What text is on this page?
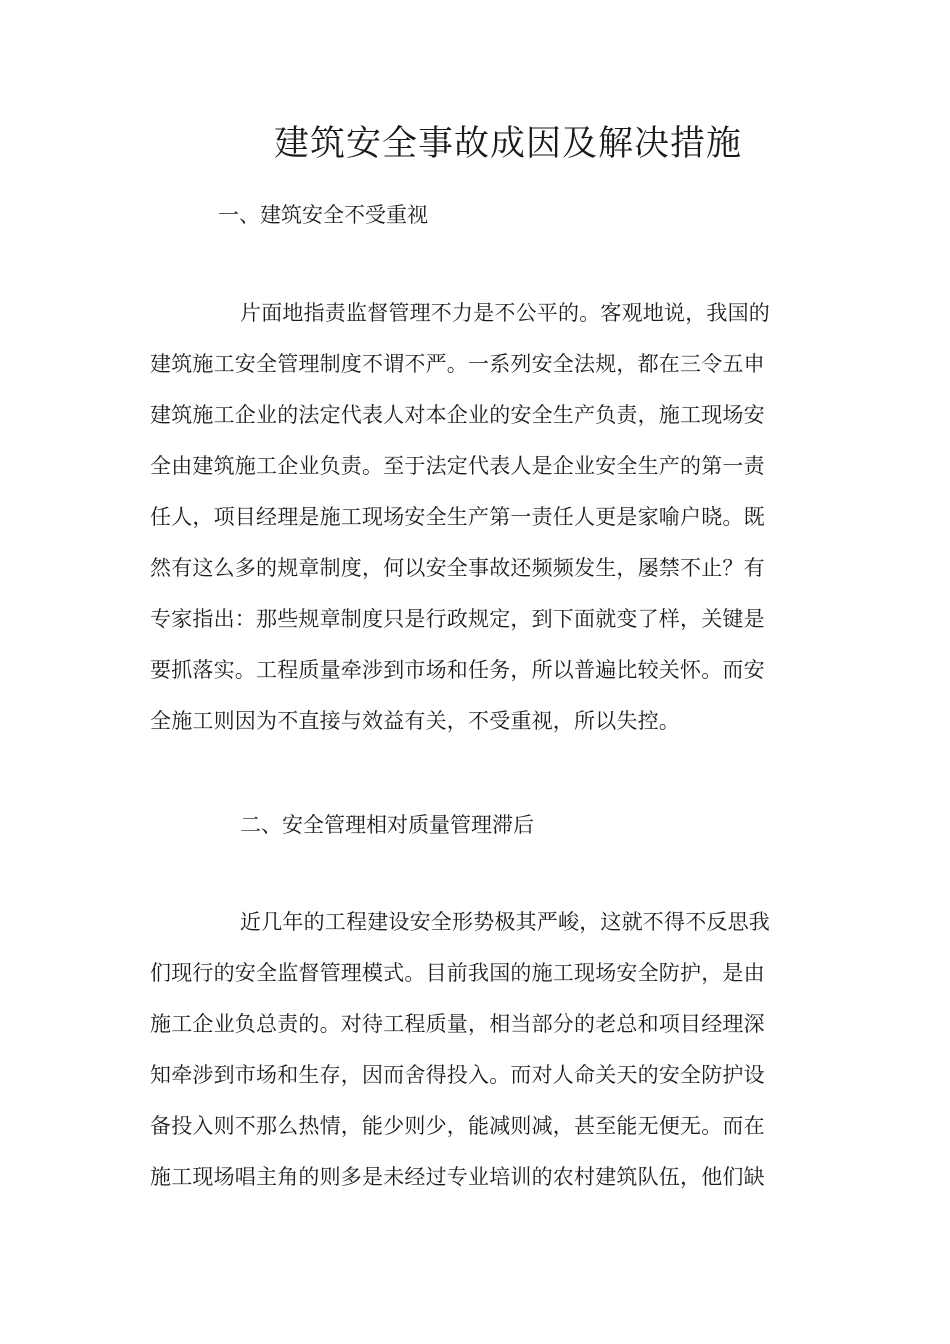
建筑安全事故成因及解决措施
一、建筑安全不受重视
片面地指责监督管理不力是不公平的。客观地说，我国的
建筑施工安全管理制度不谓不严。一系列安全法规，都在三令五申
建筑施工企业的法定代表人对本企业的安全生产负责，施工现场安
全由建筑施工企业负责。至于法定代表人是企业安全生产的第一责
任人，项目经理是施工现场安全生产第一责任人更是家喻户晓。既
然有这么多的规章制度，何以安全事故还频频发生，屡禁不止？有
专家指出：那些规章制度只是行政规定，到下面就变了样，关键是
要抓落实。工程质量牵涉到市场和任务，所以普遍比较关怀。而安
全施工则因为不直接与效益有关，不受重视，所以失控。
二、安全管理相对质量管理滞后
近几年的工程建设安全形势极其严峻，这就不得不反思我
们现行的安全监督管理模式。目前我国的施工现场安全防护，是由
施工企业负总责的。对待工程质量，相当部分的老总和项目经理深
知牵涉到市场和生存，因而舍得投入。而对人命关天的安全防护设
备投入则不那么热情，能少则少，能减则减，甚至能无便无。而在
施工现场唱主角的则多是未经过专业培训的农村建筑队伍，他们缺
